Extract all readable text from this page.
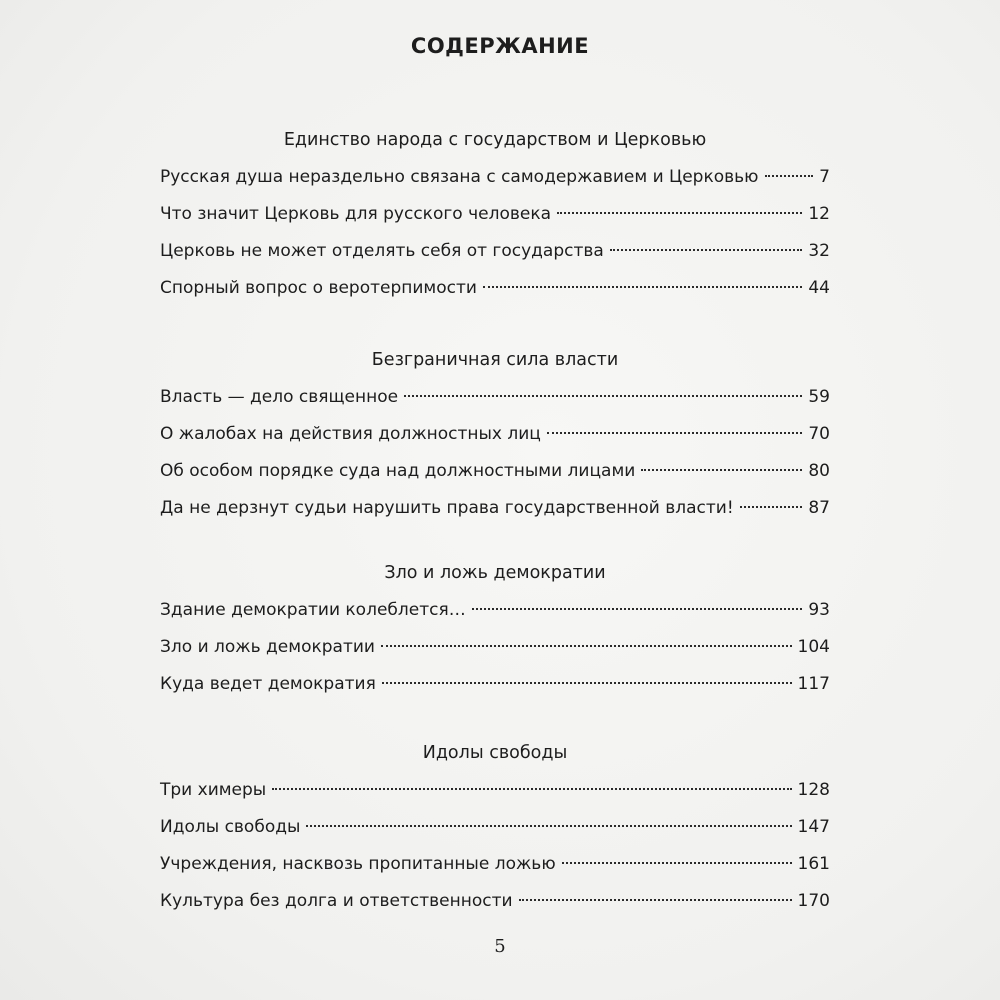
СОДЕРЖАНИЕ
Единство народа с государством и Церковью
Русская душа нераздельно связана с самодержавием и Церковью	7
Что значит Церковь для русского человека	12
Церковь не может отделять себя от государства	32
Спорный вопрос о веротерпимости	44
Безграничная сила власти
Власть — дело священное	59
О жалобах на действия должностных лиц	70
Об особом порядке суда над должностными лицами	80
Да не дерзнут судьи нарушить права государственной власти!	87
Зло и ложь демократии
Здание демократии колеблется…	93
Зло и ложь демократии	104
Куда ведет демократия	117
Идолы свободы
Три химеры	128
Идолы свободы	147
Учреждения, насквозь пропитанные ложью	161
Культура без долга и ответственности	170
5
